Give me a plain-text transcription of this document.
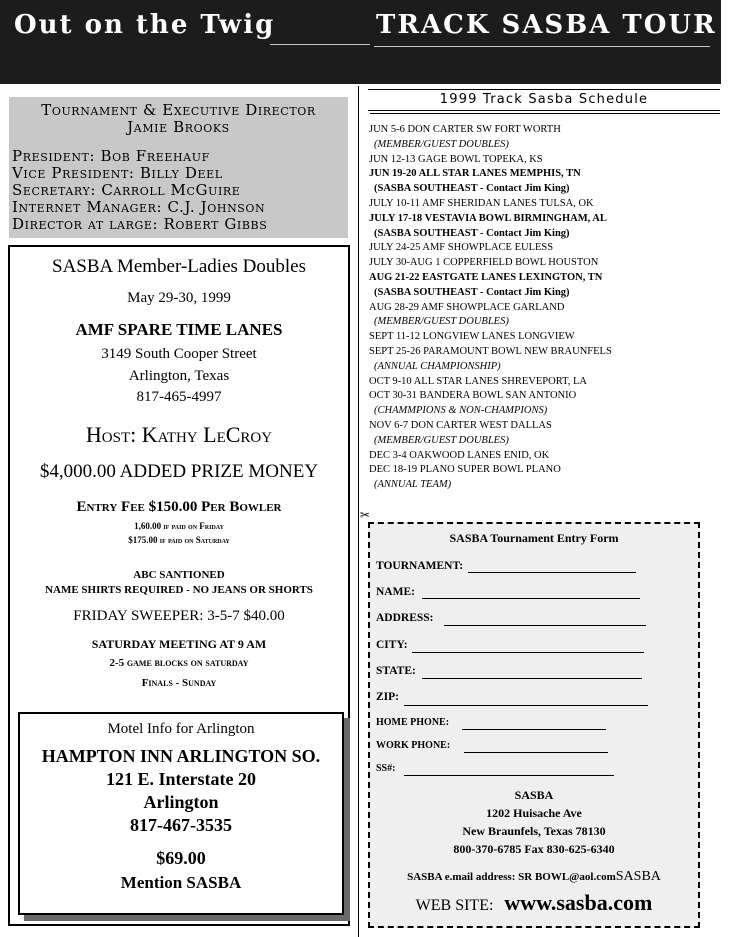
Out on the Twig	TRACK SASBA TOUR
Tournament & Executive Director
Jamie Brooks
President: Bob Freehauf
Vice President: Billy Deel
Secretary: Carroll McGuire
Internet Manager: C.J. Johnson
Director at large: Robert Gibbs
SASBA Member-Ladies Doubles
May 29-30, 1999
AMF SPARE TIME LANES
3149 South Cooper Street
Arlington, Texas
817-465-4997
Host: Kathy LeCroy
$4,000.00 ADDED PRIZE MONEY
Entry Fee $150.00 Per Bowler
1,60.00 if paid on Friday
$175.00 if paid on Saturday
ABC SANTIONED
NAME SHIRTS REQUIRED - NO JEANS OR SHORTS
FRIDAY SWEEPER: 3-5-7 $40.00
SATURDAY MEETING AT 9 AM
2-5 game blocks on saturday
Finals - Sunday
Motel Info for Arlington
HAMPTON INN ARLINGTON SO.
121 E. Interstate 20
Arlington
817-467-3535
$69.00
Mention SASBA
1999 Track Sasba Schedule
JUN 5-6 DON CARTER SW FORT WORTH
(MEMBER/GUEST DOUBLES)
JUN 12-13 GAGE BOWL TOPEKA, KS
JUN 19-20 ALL STAR LANES MEMPHIS, TN
(SASBA SOUTHEAST - Contact Jim King)
JULY 10-11 AMF SHERIDAN LANES TULSA, OK
JULY 17-18 VESTAVIA BOWL BIRMINGHAM, AL
(SASBA SOUTHEAST - Contact Jim King)
JULY 24-25 AMF SHOWPLACE EULESS
JULY 30-AUG 1 COPPERFIELD BOWL HOUSTON
AUG 21-22 EASTGATE LANES LEXINGTON, TN
(SASBA SOUTHEAST - Contact Jim King)
AUG 28-29 AMF SHOWPLACE GARLAND
(MEMBER/GUEST DOUBLES)
SEPT 11-12 LONGVIEW LANES LONGVIEW
SEPT 25-26 PARAMOUNT BOWL NEW BRAUNFELS
(ANNUAL CHAMPIONSHIP)
OCT 9-10 ALL STAR LANES SHREVEPORT, LA
OCT 30-31 BANDERA BOWL SAN ANTONIO
(CHAMMPIONS & NON-CHAMPIONS)
NOV 6-7 DON CARTER WEST DALLAS
(MEMBER/GUEST DOUBLES)
DEC 3-4 OAKWOOD LANES ENID, OK
DEC 18-19 PLANO SUPER BOWL PLANO
(ANNUAL TEAM)
✂
SASBA Tournament Entry Form
TOURNAMENT:
NAME:
ADDRESS:
CITY:
STATE:
ZIP:
HOME PHONE:
WORK PHONE:
SS#:
SASBA
1202 Huisache Ave
New Braunfels, Texas 78130
800-370-6785 Fax 830-625-6340
SASBA e.mail address: SR BOWL@aol.comSASBA
WEB SITE: www.sasba.com
